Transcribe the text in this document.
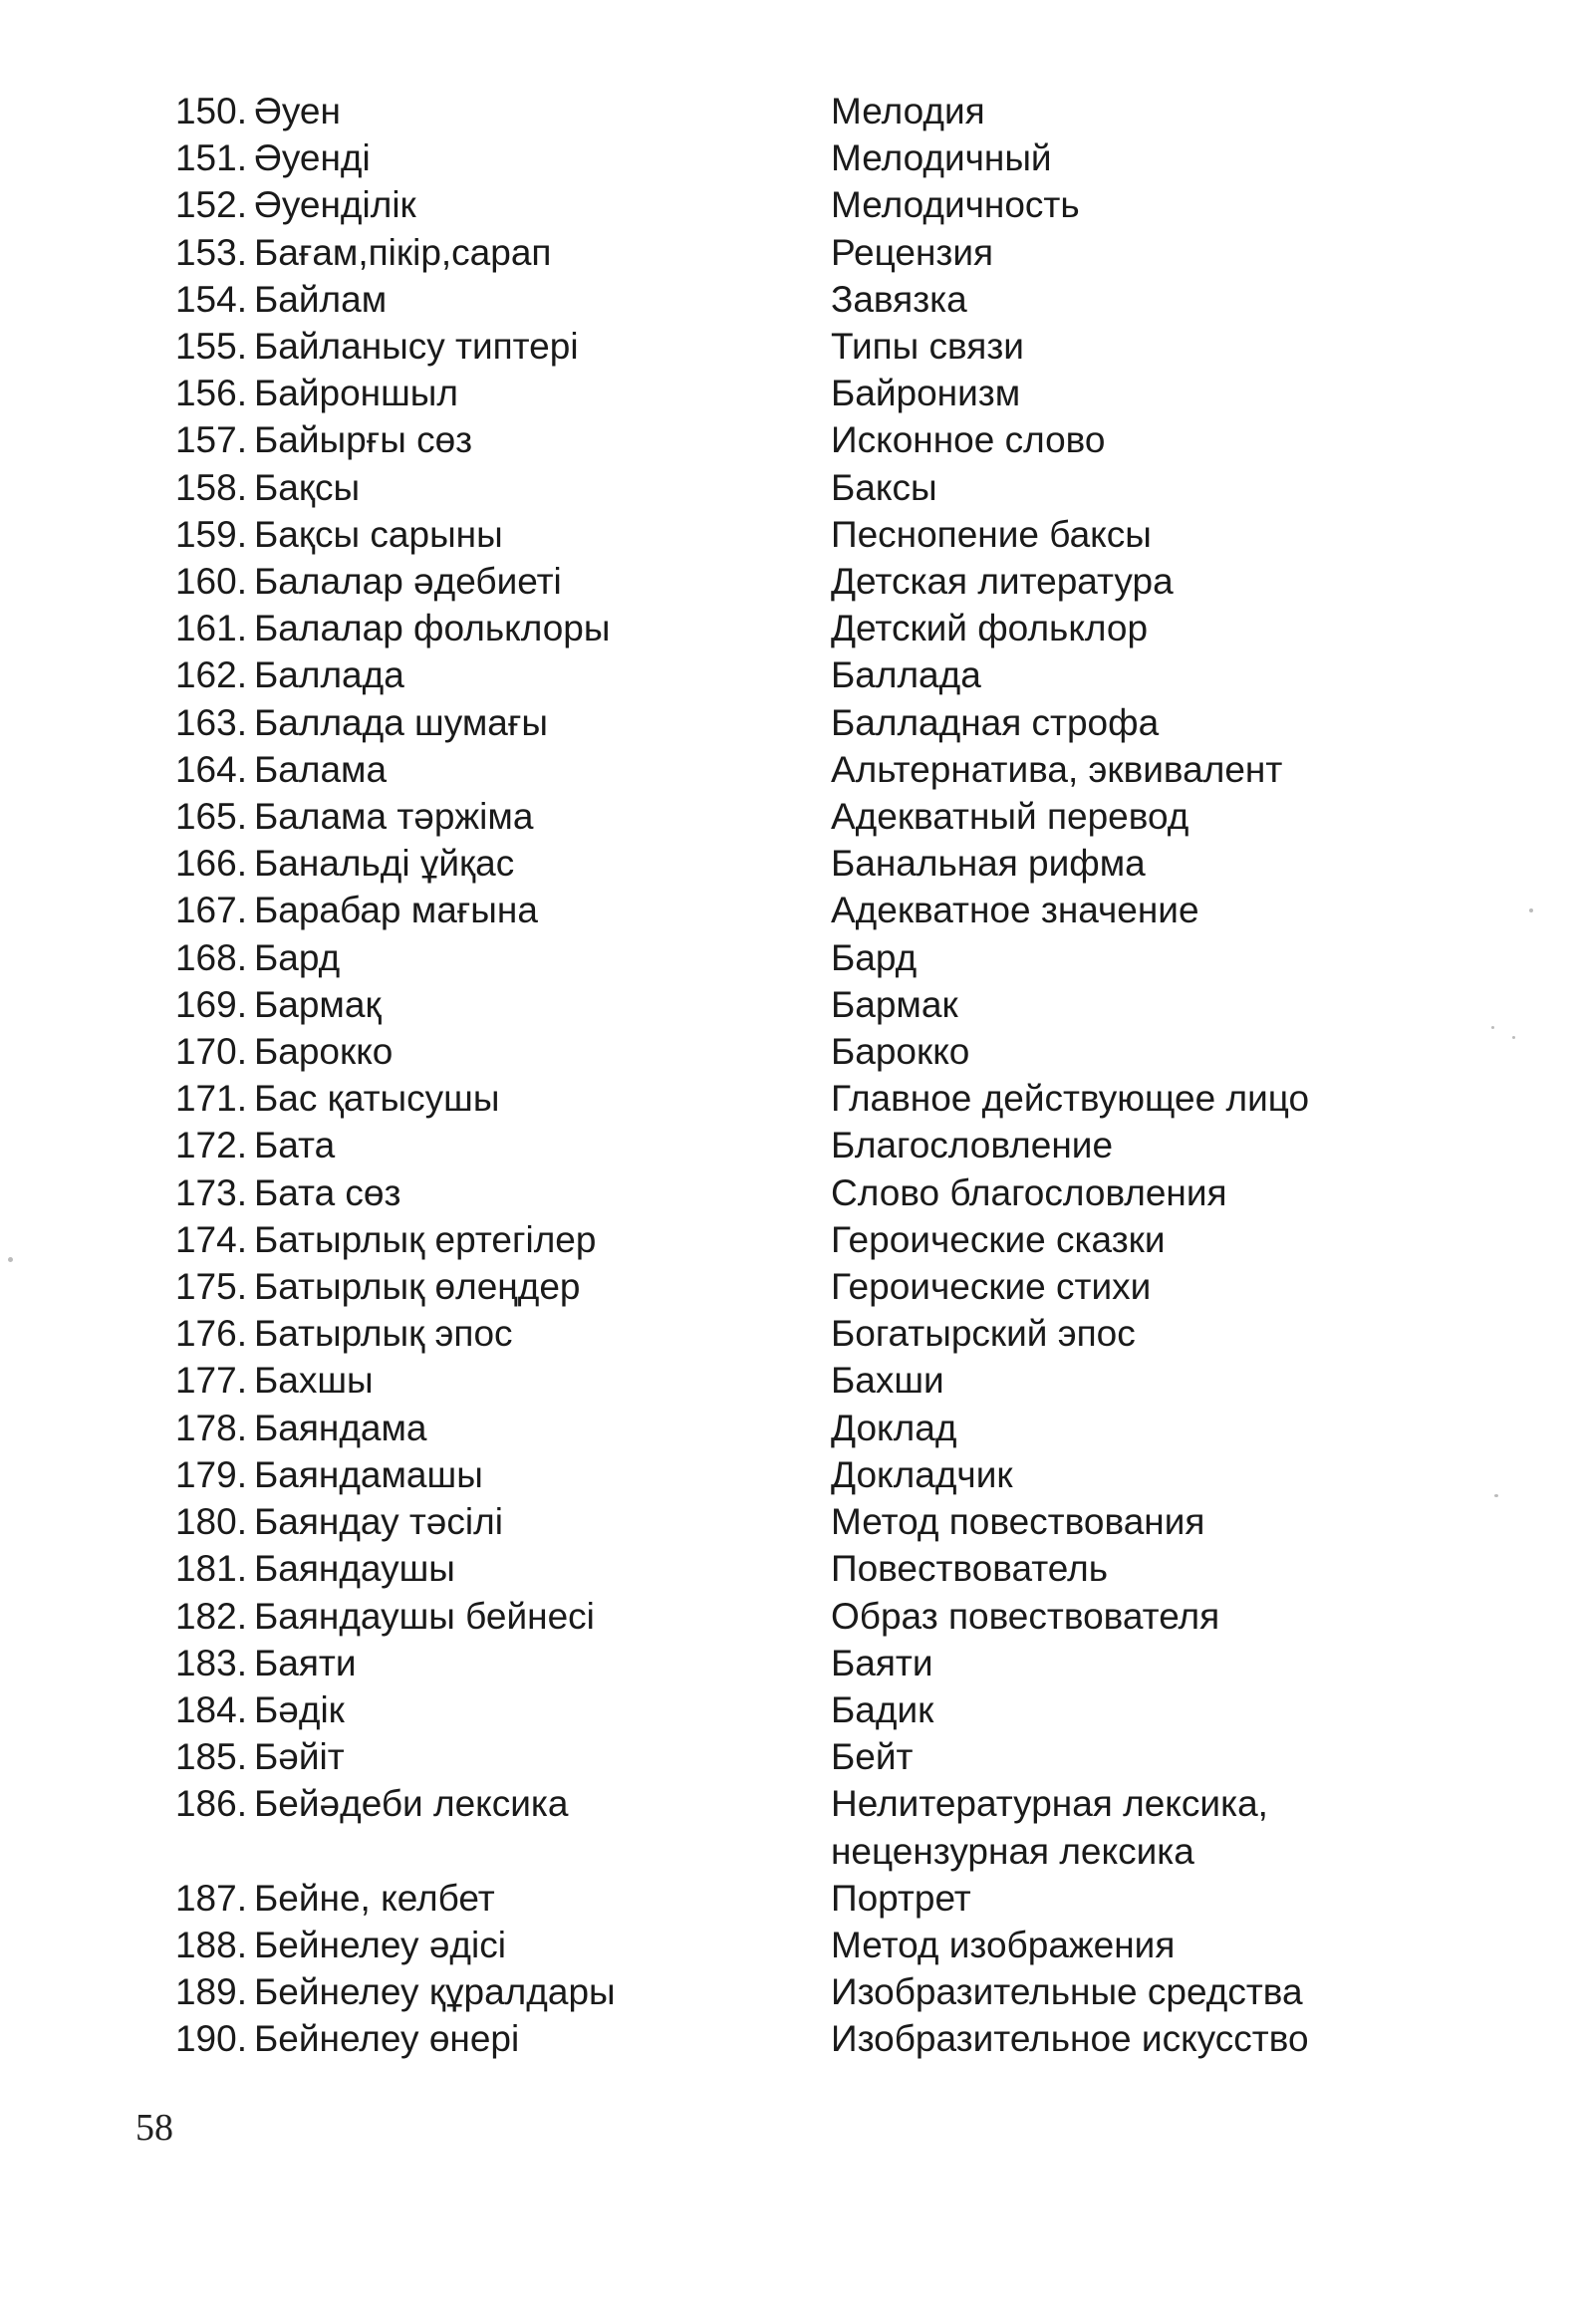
150. Әуен	Мелодия
151. Әуенді	Мелодичный
152. Әуенділік	Мелодичность
153. Бағам,пікір,сарап	Рецензия
154. Байлам	Завязка
155. Байланысу типтері	Типы связи
156. Байроншыл	Байронизм
157. Байырғы сөз	Исконное слово
158. Бақсы	Баксы
159. Бақсы сарыны	Песнопение баксы
160. Балалар әдебиеті	Детская литература
161. Балалар фольклоры	Детский фольклор
162. Баллада	Баллада
163. Баллада шумағы	Балладная строфа
164. Балама	Альтернатива, эквивалент
165. Балама тәржіма	Адекватный перевод
166. Банальді ұйқас	Банальная рифма
167. Барабар мағына	Адекватное значение
168. Бард	Бард
169. Бармақ	Бармак
170. Барокко	Барокко
171. Бас қатысушы	Главное действующее лицо
172. Бата	Благословление
173. Бата сөз	Слово благословления
174. Батырлық ертегілер	Героические сказки
175. Батырлық өлеңдер	Героические стихи
176. Батырлық эпос	Богатырский эпос
177. Бахшы	Бахши
178. Баяндама	Доклад
179. Баяндамашы	Докладчик
180. Баяндау тәсілі	Метод повествования
181. Баяндаушы	Повествователь
182. Баяндаушы бейнесі	Образ повествователя
183. Баяти	Баяти
184. Бәдік	Бадик
185. Бәйіт	Бейт
186. Бейәдеби лексика	Нелитературная лексика,
нецензурная лексика
187. Бейне, келбет	Портрет
188. Бейнелеу әдісі	Метод изображения
189. Бейнелеу құралдары	Изобразительные средства
190. Бейнелеу өнері	Изобразительное искусство
58
